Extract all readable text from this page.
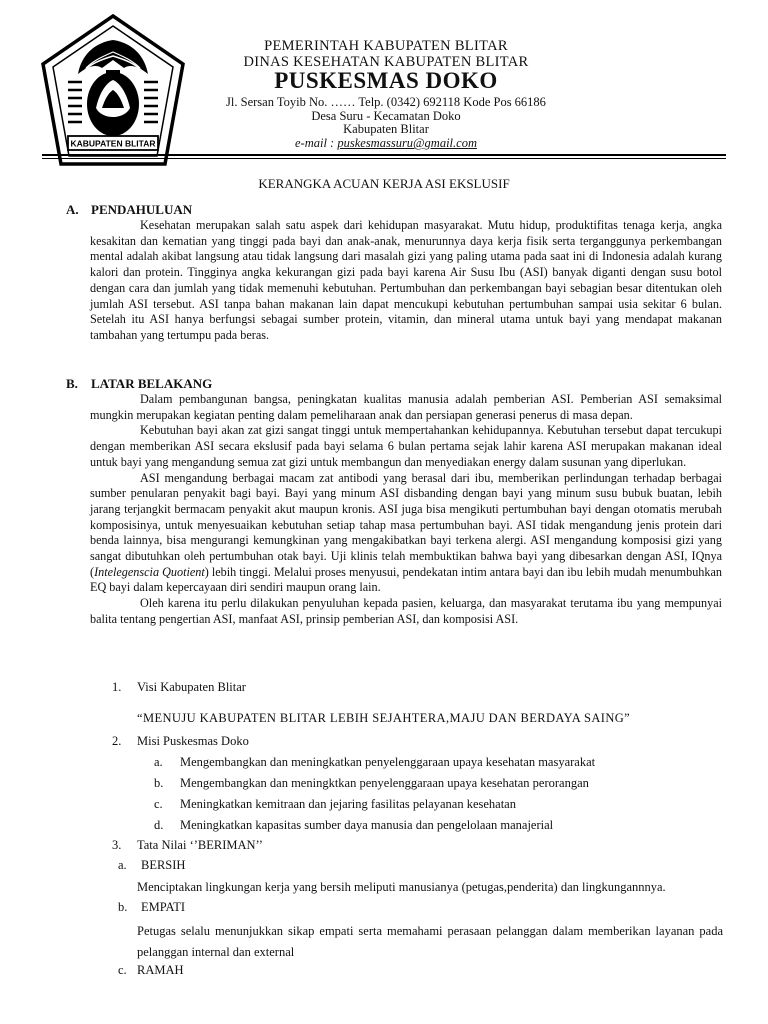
KABUPATEN BLITAR
PEMERINTAH KABUPATEN BLITAR
DINAS KESEHATAN KABUPATEN BLITAR
PUSKESMAS DOKO
Jl. Sersan Toyib No. …… Telp. (0342) 692118 Kode Pos 66186
Desa Suru - Kecamatan Doko
Kabupaten Blitar
e-mail : puskesmassuru@gmail.com
KERANGKA ACUAN KERJA ASI EKSLUSIF
A. PENDAHULUAN

Kesehatan merupakan salah satu aspek dari kehidupan masyarakat. Mutu hidup, produktifitas tenaga kerja, angka kesakitan dan kematian yang tinggi pada bayi dan anak-anak, menurunnya daya kerja fisik serta terganggunya perkembangan mental adalah akibat langsung atau tidak langsung dari masalah gizi yang paling utama pada saat ini di Indonesia adalah kurang kalori dan protein. Tingginya angka kekurangan gizi pada bayi karena Air Susu Ibu (ASI) banyak diganti dengan susu botol dengan cara dan jumlah yang tidak memenuhi kebutuhan. Pertumbuhan dan perkembangan bayi sebagian besar ditentukan oleh jumlah ASI tersebut. ASI tanpa bahan makanan lain dapat mencukupi kebutuhan pertumbuhan sampai usia sekitar 6 bulan. Setelah itu ASI hanya berfungsi sebagai sumber protein, vitamin, dan mineral utama untuk bayi yang mendapat makanan tambahan yang tertumpu pada beras.

B. LATAR BELAKANG

Dalam pembangunan bangsa, peningkatan kualitas manusia adalah pemberian ASI. Pemberian ASI semaksimal mungkin merupakan kegiatan penting dalam pemeliharaan anak dan persiapan generasi penerus di masa depan.

Kebutuhan bayi akan zat gizi sangat tinggi untuk mempertahankan kehidupannya. Kebutuhan tersebut dapat tercukupi dengan memberikan ASI secara ekslusif pada bayi selama 6 bulan pertama sejak lahir karena ASI merupakan makanan ideal untuk bayi yang mengandung semua zat gizi untuk membangun dan menyediakan energy dalam susunan yang diperlukan.

ASI mengandung berbagai macam zat antibodi yang berasal dari ibu, memberikan perlindungan terhadap berbagai sumber penularan penyakit bagi bayi. Bayi yang minum ASI disbanding dengan bayi yang minum susu bubuk buatan, lebih jarang terjangkit bermacam penyakit akut maupun kronis. ASI juga bisa mengikuti pertumbuhan bayi dengan otomatis merubah komposisinya, untuk menyesuaikan kebutuhan setiap tahap masa pertumbuhan bayi. ASI tidak mengandung jenis protein dari benda lainnya, bisa mengurangi kemungkinan yang mengakibatkan bayi terkena alergi. ASI mengandung komposisi gizi yang sangat dibutuhkan oleh pertumbuhan otak bayi. Uji klinis telah membuktikan bahwa bayi yang dibesarkan dengan ASI, IQnya (Intelegenscia Quotient) lebih tinggi. Melalui proses menyusui, pendekatan intim antara bayi dan ibu lebih mudah menumbuhkan EQ bayi dalam kepercayaan diri sendiri maupun orang lain.

Oleh karena itu perlu dilakukan penyuluhan kepada pasien, keluarga, dan masyarakat terutama ibu yang mempunyai balita tentang pengertian ASI, manfaat ASI, prinsip pemberian ASI, dan komposisi ASI.

1. Visi Kabupaten Blitar
“MENUJU KABUPATEN BLITAR LEBIH SEJAHTERA,MAJU DAN BERDAYA SAING”
2. Misi Puskesmas Doko
a. Mengembangkan dan meningkatkan penyelenggaraan upaya kesehatan masyarakat
b. Mengembangkan dan meningktkan penyelenggaraan upaya kesehatan perorangan
c. Meningkatkan kemitraan dan jejaring fasilitas pelayanan kesehatan
d. Meningkatkan kapasitas sumber daya manusia dan pengelolaan manajerial
3. Tata Nilai ‘’BERIMAN’’
a. BERSIH
Menciptakan lingkungan kerja yang bersih meliputi manusianya (petugas,penderita) dan lingkungannnya.
b. EMPATI
Petugas selalu menunjukkan sikap empati serta memahami perasaan pelanggan dalam memberikan layanan pada pelanggan internal dan external
c. RAMAH
